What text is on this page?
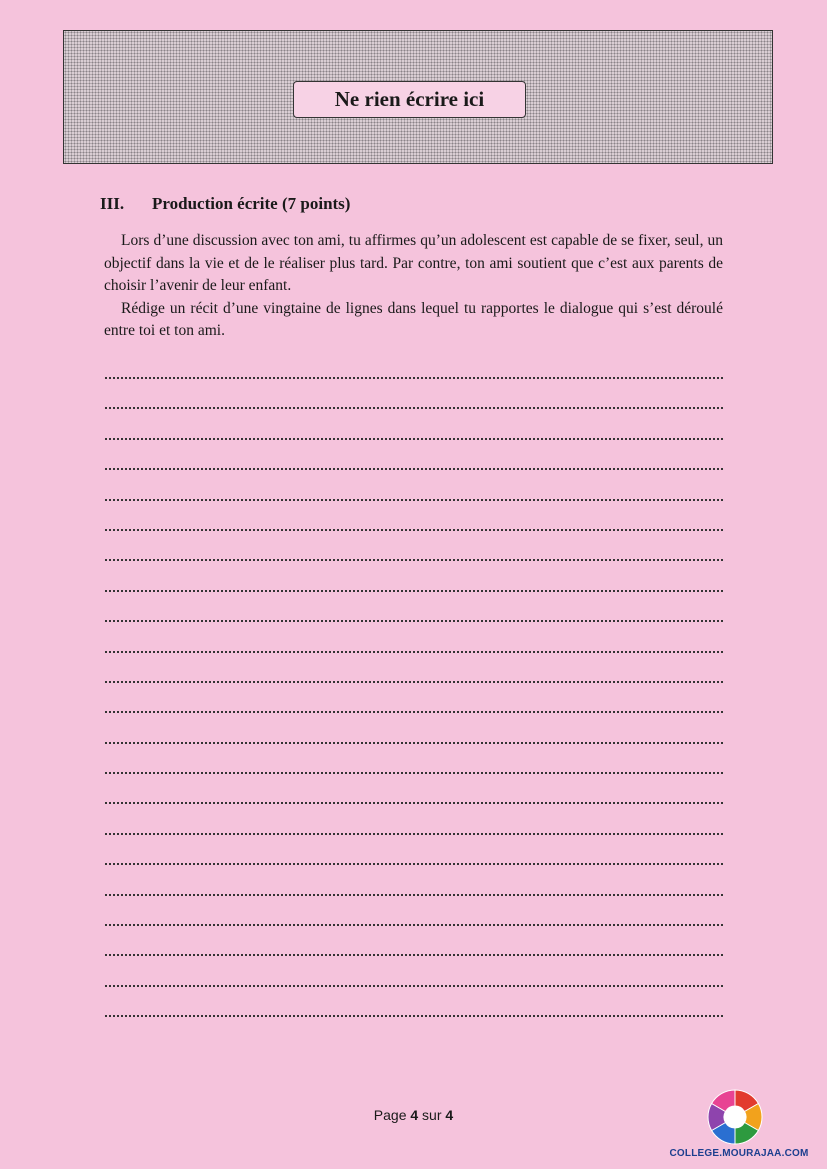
Ne rien écrire ici
III. Production écrite (7 points)

Lors d’une discussion avec ton ami, tu affirmes qu’un adolescent est capable de se fixer, seul, un objectif dans la vie et de le réaliser plus tard. Par contre, ton ami soutient que c’est aux parents de choisir l’avenir de leur enfant.

Rédige un récit d’une vingtaine de lignes dans lequel tu rapportes le dialogue qui s’est déroulé entre toi et ton ami.

Page 4 sur 4
COLLEGE.MOURAJAA.COM
